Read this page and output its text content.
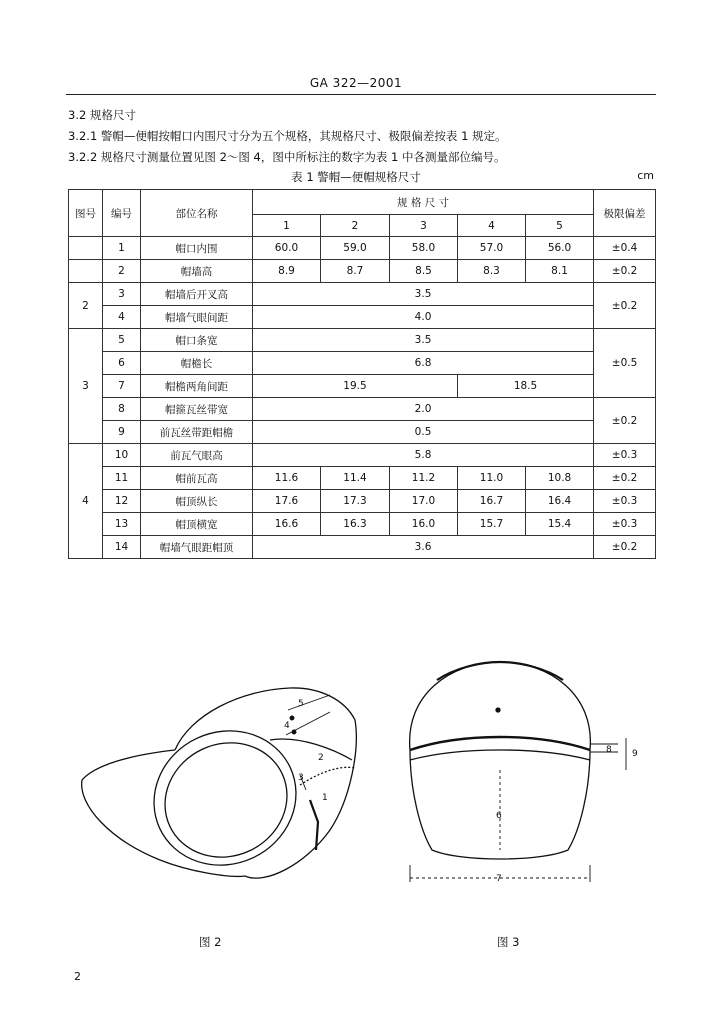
GA 322—2001
3.2 规格尺寸
3.2.1 警帽—便帽按帽口内围尺寸分为五个规格，其规格尺寸、极限偏差按表 1 规定。
3.2.2 规格尺寸测量位置见图 2～图 4，图中所标注的数字为表 1 中各测量部位编号。
表 1 警帽—便帽规格尺寸	cm
图号	编号	部位名称	规 格 尺 寸					极限偏差
			1	2	3	4	5	
	1	帽口内围	60.0	59.0	58.0	57.0	56.0	±0.4
	2	帽墙高	8.9	8.7	8.5	8.3	8.1	±0.2
2	3	帽墙后开叉高	3.5					±0.2
	4	帽墙气眼间距	4.0					
3	5	帽口条宽	3.5					±0.5
	6	帽檐长	6.8					
	7	帽檐两角间距	19.5			18.5		
	8	帽箍瓦丝带宽	2.0					±0.2
	9	前瓦丝带距帽檐	0.5					
4	10	前瓦气眼高	5.8					±0.3
	11	帽前瓦高	11.6	11.4	11.2	11.0	10.8	±0.2
	12	帽顶纵长	17.6	17.3	17.0	16.7	16.4	±0.3
	13	帽顶横宽	16.6	16.3	16.0	15.7	15.4	±0.3
	14	帽墙气眼距帽顶	3.6					±0.2
5
4
3
2
1
6
7
8 9
图 2	图 3
2
